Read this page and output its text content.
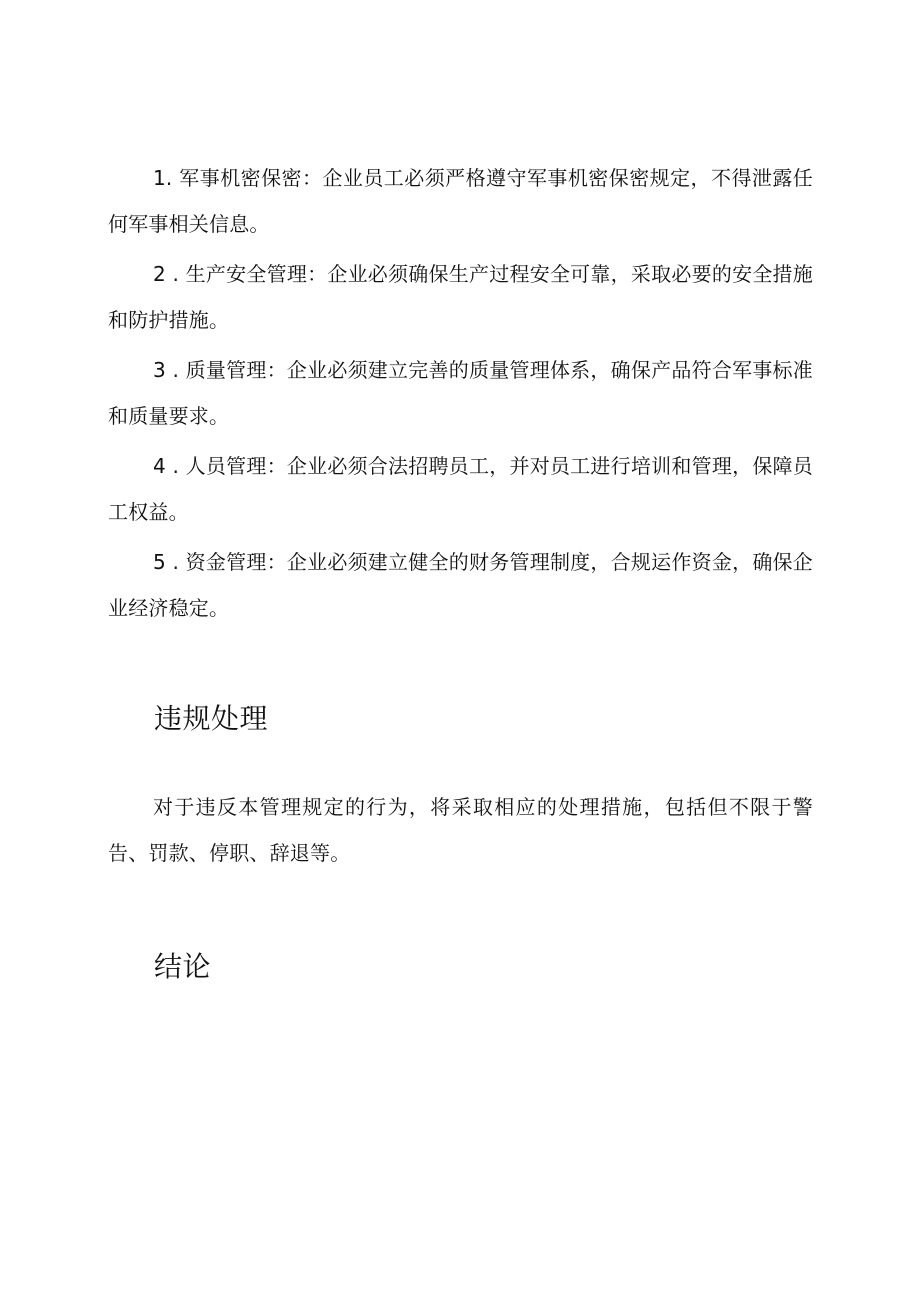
1. 军事机密保密：企业员工必须严格遵守军事机密保密规定，不得泄露任何军事相关信息。

2 . 生产安全管理：企业必须确保生产过程安全可靠，采取必要的安全措施和防护措施。

3 . 质量管理：企业必须建立完善的质量管理体系，确保产品符合军事标准和质量要求。

4 . 人员管理：企业必须合法招聘员工，并对员工进行培训和管理，保障员工权益。

5 . 资金管理：企业必须建立健全的财务管理制度，合规运作资金，确保企业经济稳定。

违规处理

对于违反本管理规定的行为，将采取相应的处理措施，包括但不限于警告、罚款、停职、辞退等。

结论
